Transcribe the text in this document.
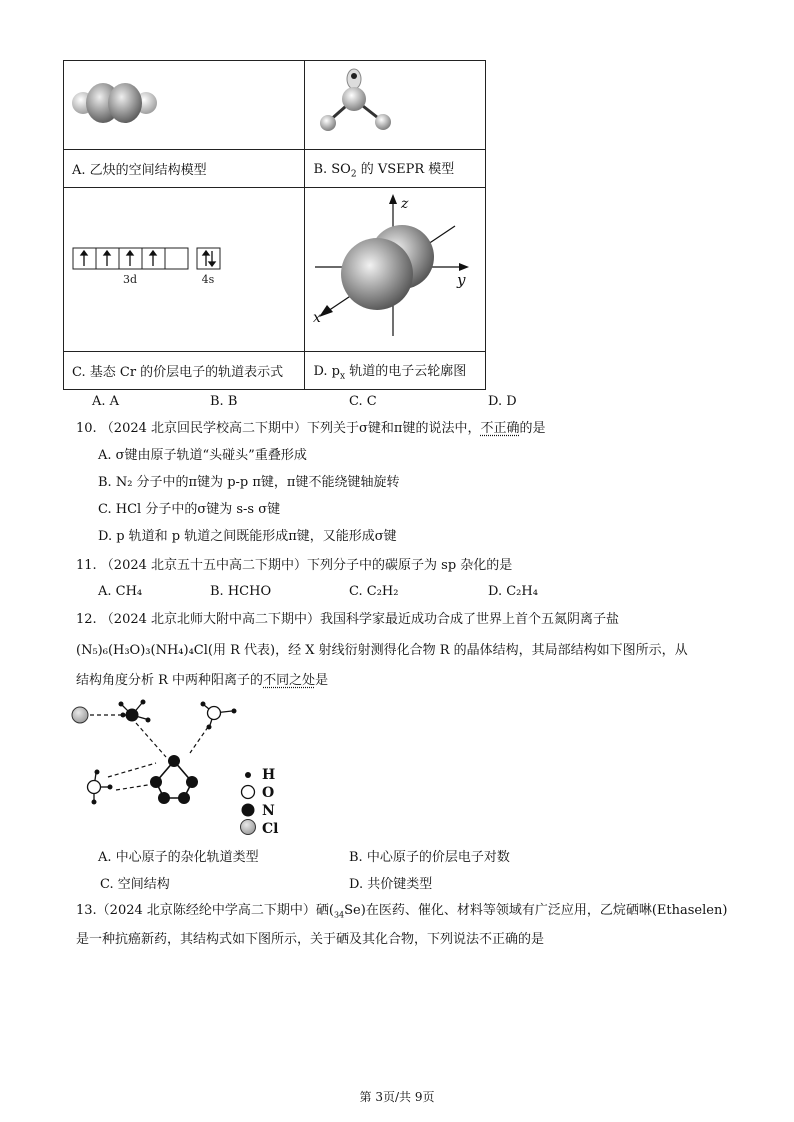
A. 乙炔的空间结构模型	B. $SO_2$ 的 VSEPR 模型

3d 4s	z
y
x

C. 基态 Cr 的价层电子的轨道表示式	D. $p_x$ 轨道的电子云轮廓图
A. A	B. B	C. C	D. D
10. （2024 北京回民学校高二下期中）下列关于σ键和π键的说法中，不正确的是
A. σ键由原子轨道“头碰头”重叠形成
B. N₂ 分子中的π键为 p-p π键，π键不能绕键轴旋转
C. HCl 分子中的σ键为 s-s σ键
D. p 轨道和 p 轨道之间既能形成π键，又能形成σ键
11. （2024 北京五十五中高二下期中）下列分子中的碳原子为 sp 杂化的是
A. CH₄	B. HCHO	C. C₂H₂	D. C₂H₄
12. （2024 北京北师大附中高二下期中）我国科学家最近成功合成了世界上首个五氮阴离子盐
(N₅)₆(H₃O)₃(NH₄)₄Cl(用 R 代表)，经 X 射线衍射测得化合物 R 的晶体结构，其局部结构如下图所示，从
结构角度分析 R 中两种阳离子的不同之处是
H
O
N
Cl
A. 中心原子的杂化轨道类型	B. 中心原子的价层电子对数
C. 空间结构	D. 共价键类型
13.（2024 北京陈经纶中学高二下期中）硒$(_{34}Se)$在医药、催化、材料等领域有广泛应用，乙烷硒啉(Ethaselen)
是一种抗癌新药，其结构式如下图所示，关于硒及其化合物，下列说法不正确的是
第 3页/共 9页
